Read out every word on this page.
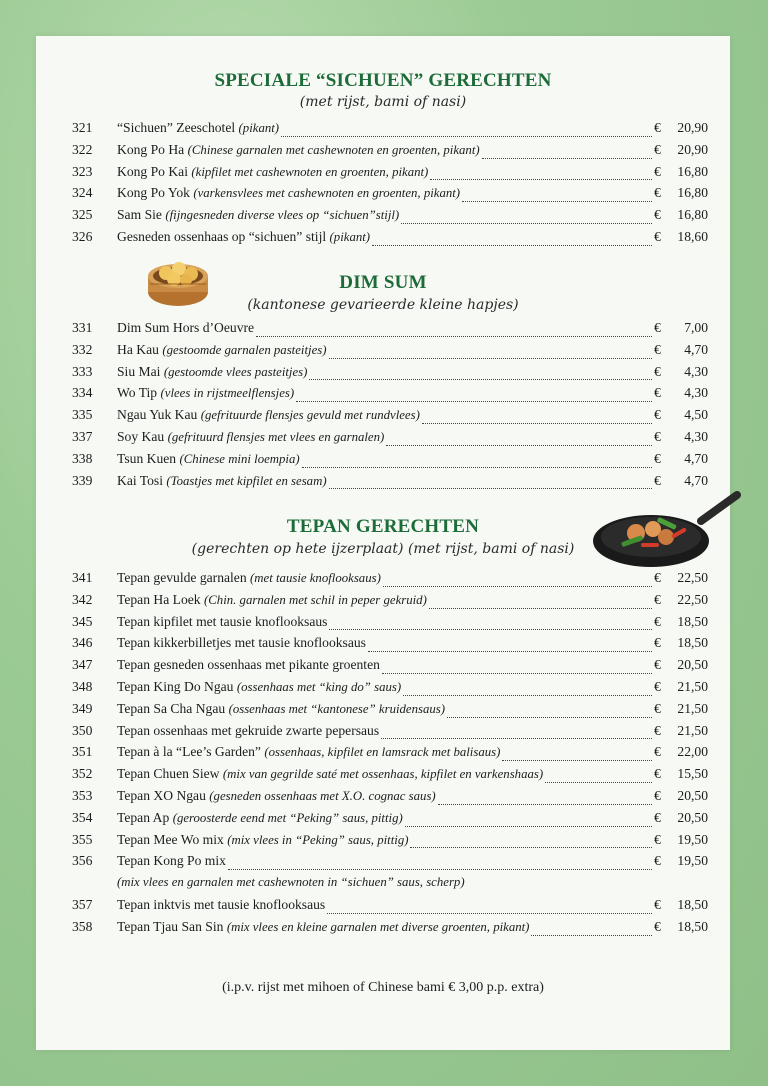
SPECIALE “SICHUEN” GERECHTEN
(met rijst, bami of nasi)
321	“Sichuen” Zeeschotel (pikant)	€	20,90
322	Kong Po Ha (Chinese garnalen met cashewnoten en groenten, pikant)	€	20,90
323	Kong Po Kai (kipfilet met cashewnoten en groenten, pikant)	€	16,80
324	Kong Po Yok (varkensvlees met cashewnoten en groenten, pikant)	€	16,80
325	Sam Sie (fijngesneden diverse vlees op “sichuen”stijl)	€	16,80
326	Gesneden ossenhaas op “sichuen” stijl (pikant)	€	18,60
DIM SUM
(kantonese gevarieerde kleine hapjes)
331	Dim Sum Hors d’Oeuvre	€	7,00
332	Ha Kau (gestoomde garnalen pasteitjes)	€	4,70
333	Siu Mai (gestoomde vlees pasteitjes)	€	4,30
334	Wo Tip (vlees in rijstmeelflensjes)	€	4,30
335	Ngau Yuk Kau (gefrituurde flensjes gevuld met rundvlees)	€	4,50
337	Soy Kau (gefrituurd flensjes met vlees en garnalen)	€	4,30
338	Tsun Kuen (Chinese mini loempia)	€	4,70
339	Kai Tosi (Toastjes met kipfilet en sesam)	€	4,70
TEPAN GERECHTEN
(gerechten op hete ijzerplaat) (met rijst, bami of nasi)
341	Tepan gevulde garnalen (met tausie knoflooksaus)	€	22,50
342	Tepan Ha Loek (Chin. garnalen met schil in peper gekruid)	€	22,50
345	Tepan kipfilet met tausie knoflooksaus	€	18,50
346	Tepan kikkerbilletjes met tausie knoflooksaus	€	18,50
347	Tepan gesneden ossenhaas met pikante groenten	€	20,50
348	Tepan King Do Ngau (ossenhaas met “king do” saus)	€	21,50
349	Tepan Sa Cha Ngau (ossenhaas met “kantonese” kruidensaus)	€	21,50
350	Tepan ossenhaas met gekruide zwarte pepersaus	€	21,50
351	Tepan à la “Lee’s Garden” (ossenhaas, kipfilet en lamsrack met balisaus)	€	22,00
352	Tepan Chuen Siew (mix van gegrilde saté met ossenhaas, kipfilet en varkenshaas)	€	15,50
353	Tepan XO Ngau (gesneden ossenhaas met X.O. cognac saus)	€	20,50
354	Tepan Ap (geroosterde eend met “Peking” saus, pittig)	€	20,50
355	Tepan Mee Wo mix (mix vlees in “Peking” saus, pittig)	€	19,50
356	Tepan Kong Po mix	€	19,50
(mix vlees en garnalen met cashewnoten in “sichuen” saus, scherp)
357	Tepan inktvis met tausie knoflooksaus	€	18,50
358	Tepan Tjau San Sin (mix vlees en kleine garnalen met diverse groenten, pikant)	€	18,50
(i.p.v. rijst met mihoen of Chinese bami € 3,00 p.p. extra)
